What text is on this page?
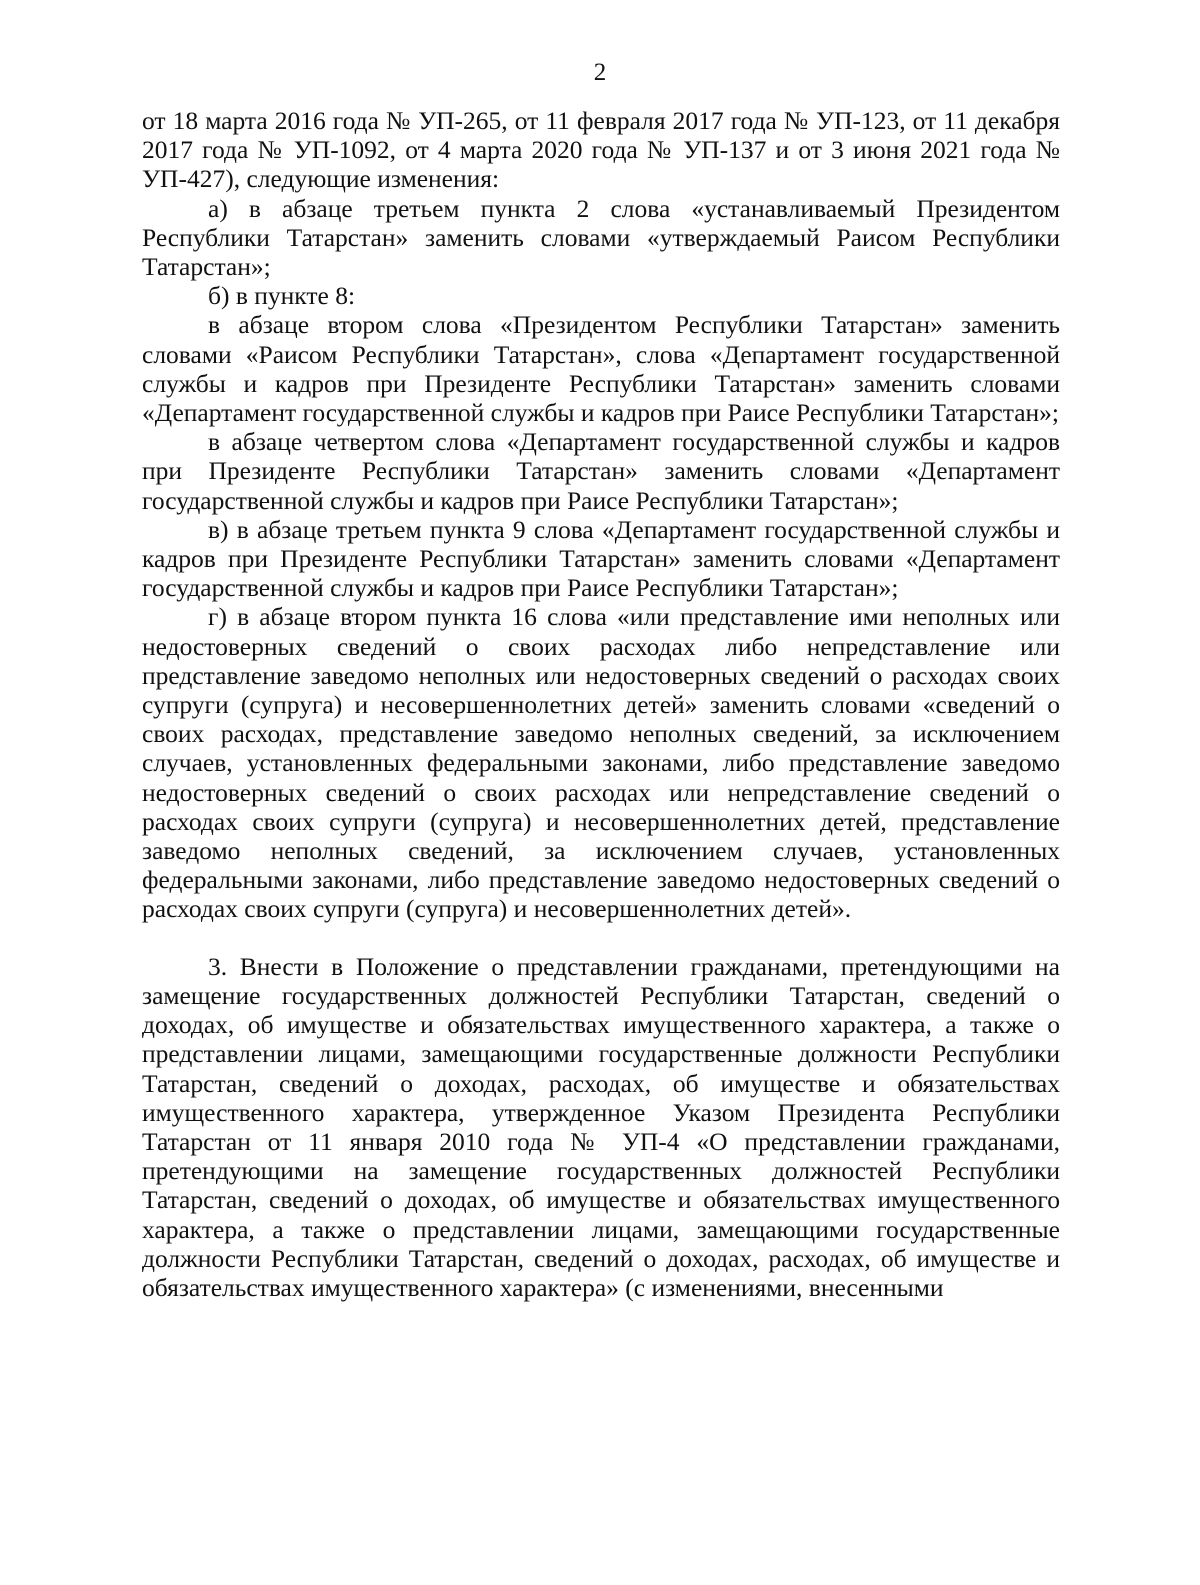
2

от 18 марта 2016 года № УП-265, от 11 февраля 2017 года № УП-123, от 11 декабря 2017 года № УП-1092, от 4 марта 2020 года № УП-137 и от 3 июня 2021 года № УП-427), следующие изменения:

а) в абзаце третьем пункта 2 слова «устанавливаемый Президентом Республики Татарстан» заменить словами «утверждаемый Раисом Республики Татарстан»;

б) в пункте 8:

в абзаце втором слова «Президентом Республики Татарстан» заменить словами «Раисом Республики Татарстан», слова «Департамент государственной службы и кадров при Президенте Республики Татарстан» заменить словами «Департамент государственной службы и кадров при Раисе Республики Татарстан»;

в абзаце четвертом слова «Департамент государственной службы и кадров при Президенте Республики Татарстан» заменить словами «Департамент государственной службы и кадров при Раисе Республики Татарстан»;

в) в абзаце третьем пункта 9 слова «Департамент государственной службы и кадров при Президенте Республики Татарстан» заменить словами «Департамент государственной службы и кадров при Раисе Республики Татарстан»;

г) в абзаце втором пункта 16 слова «или представление ими неполных или недостоверных сведений о своих расходах либо непредставление или представление заведомо неполных или недостоверных сведений о расходах своих супруги (супруга) и несовершеннолетних детей» заменить словами «сведений о своих расходах, представление заведомо неполных сведений, за исключением случаев, установленных федеральными законами, либо представление заведомо недостоверных сведений о своих расходах или непредставление сведений о расходах своих супруги (супруга) и несовершеннолетних детей, представление заведомо неполных сведений, за исключением случаев, установленных федеральными законами, либо представление заведомо недостоверных сведений о расходах своих супруги (супруга) и несовершеннолетних детей».

3. Внести в Положение о представлении гражданами, претендующими на замещение государственных должностей Республики Татарстан, сведений о доходах, об имуществе и обязательствах имущественного характера, а также о представлении лицами, замещающими государственные должности Республики Татарстан, сведений о доходах, расходах, об имуществе и обязательствах имущественного характера, утвержденное Указом Президента Республики Татарстан от 11 января 2010 года № УП-4 «О представлении гражданами, претендующими на замещение государственных должностей Республики Татарстан, сведений о доходах, об имуществе и обязательствах имущественного характера, а также о представлении лицами, замещающими государственные должности Республики Татарстан, сведений о доходах, расходах, об имуществе и обязательствах имущественного характера» (с изменениями, внесенными
